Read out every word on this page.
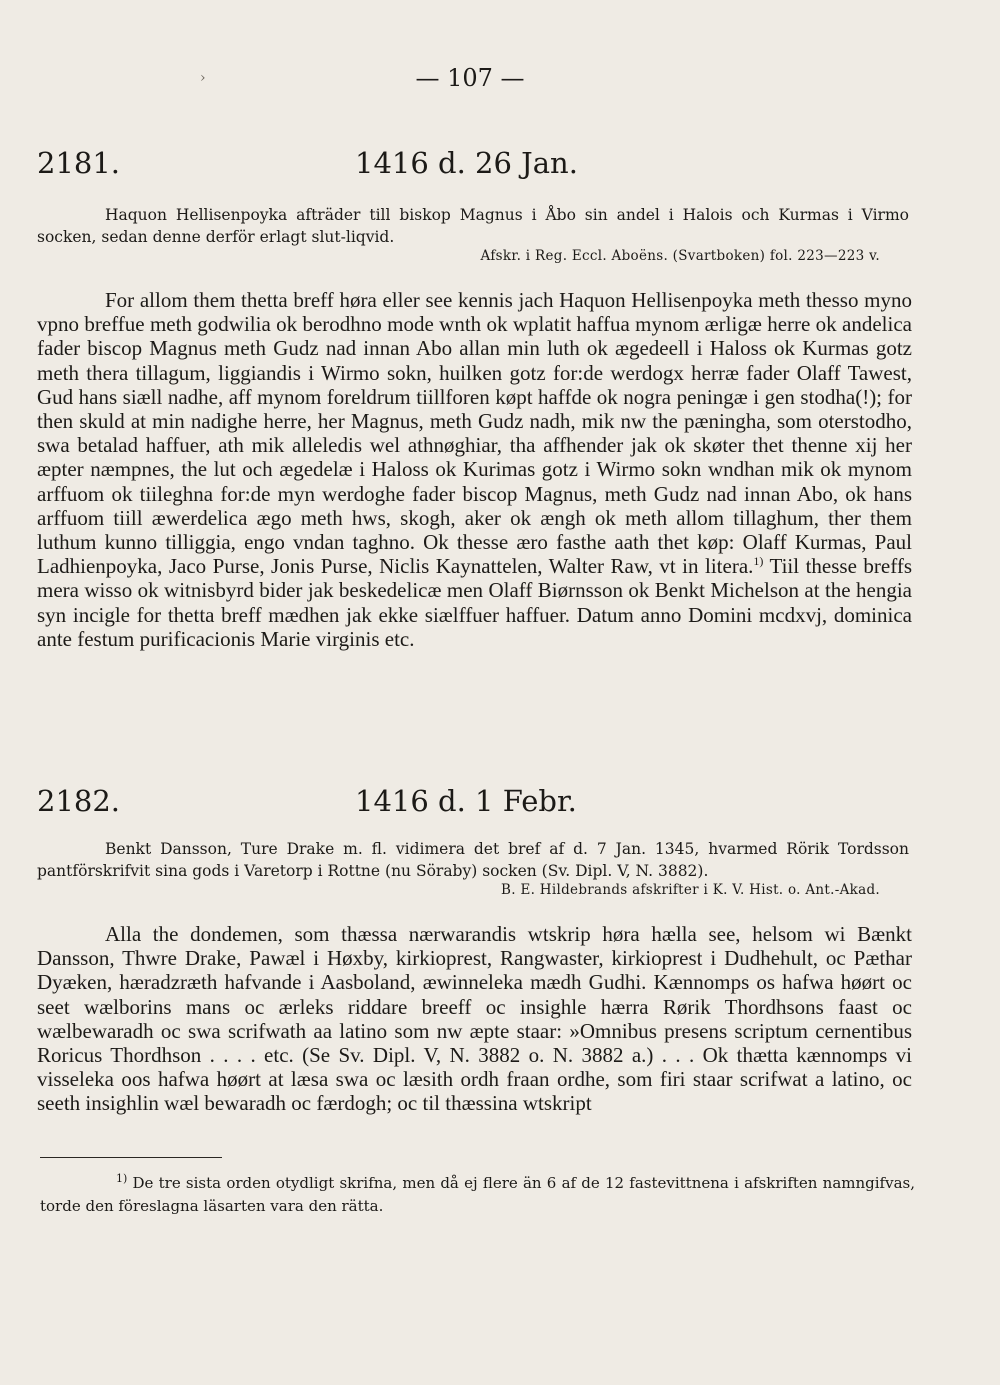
›	— 107 —
2181.	1416 d. 26 Jan.
Haquon Hellisenpoyka afträder till biskop Magnus i Åbo sin andel i Halois och Kurmas i Virmo socken, sedan denne derför erlagt slut-liqvid.
Afskr. i Reg. Eccl. Aboëns. (Svartboken) fol. 223—223 v.
For allom them thetta breff høra eller see kennis jach Haquon Hellisenpoyka meth thesso myno vpno breffue meth godwilia ok berodhno mode wnth ok wplatit haffua mynom ærligæ herre ok andelica fader biscop Magnus meth Gudz nad innan Abo allan min luth ok ægedeell i Haloss ok Kurmas gotz meth thera tillagum, liggiandis i Wirmo sokn, huilken gotz for:de werdogx herræ fader Olaff Tawest, Gud hans siæll nadhe, aff mynom foreldrum tiillforen køpt haffde ok nogra peningæ i gen stodha(!); for then skuld at min nadighe herre, her Magnus, meth Gudz nadh, mik nw the pæningha, som oterstodho, swa betalad haffuer, ath mik alleledis wel athnøghiar, tha affhender jak ok skøter thet thenne xij her æpter næmpnes, the lut och ægedelæ i Haloss ok Kurimas gotz i Wirmo sokn wndhan mik ok mynom arffuom ok tiileghna for:de myn werdoghe fader biscop Magnus, meth Gudz nad innan Abo, ok hans arffuom tiill æwerdelica ægo meth hws, skogh, aker ok ængh ok meth allom tillaghum, ther them luthum kunno tilliggia, engo vndan taghno. Ok thesse æro fasthe aath thet køp: Olaff Kurmas, Paul Ladhienpoyka, Jaco Purse, Jonis Purse, Niclis Kaynattelen, Walter Raw, vt in litera.$^{1)}$ Tiil thesse breffs mera wisso ok witnisbyrd bider jak beskedelicæ men Olaff Biørnsson ok Benkt Michelson at the hengia syn incigle for thetta breff mædhen jak ekke siælffuer haffuer. Datum anno Domini mcdxvj, dominica ante festum purificacionis Marie virginis etc.
2182.	1416 d. 1 Febr.
Benkt Dansson, Ture Drake m. fl. vidimera det bref af d. 7 Jan. 1345, hvarmed Rörik Tordsson pantförskrifvit sina gods i Varetorp i Rottne (nu Söraby) socken (Sv. Dipl. V, N. 3882).
B. E. Hildebrands afskrifter i K. V. Hist. o. Ant.-Akad.
Alla the dondemen, som thæssa nærwarandis wtskrip høra hælla see, helsom wi Bænkt Dansson, Thwre Drake, Pawæl i Høxby, kirkioprest, Rangwaster, kirkioprest i Dudhehult, oc Pæthar Dyæken, hæradzræth hafvande i Aasboland, æwinneleka mædh Gudhi. Kænnomps os hafwa høørt oc seet wælborins mans oc ærleks riddare breeff oc insighle hærra Rørik Thordhsons faast oc wælbewaradh oc swa scrifwath aa latino som nw æpte staar: »Omnibus presens scriptum cernentibus Roricus Thordhson . . . . etc. (Se Sv. Dipl. V, N. 3882 o. N. 3882 a.) . . . Ok thætta kænnomps vi visseleka oos hafwa høørt at læsa swa oc læsith ordh fraan ordhe, som firi staar scrifwat a latino, oc seeth insighlin wæl bewaradh oc færdogh; oc til thæssina wtskript
$^{1)}$ De tre sista orden otydligt skrifna, men då ej flere än 6 af de 12 fastevittnena i afskriften namngifvas, torde den föreslagna läsarten vara den rätta.
